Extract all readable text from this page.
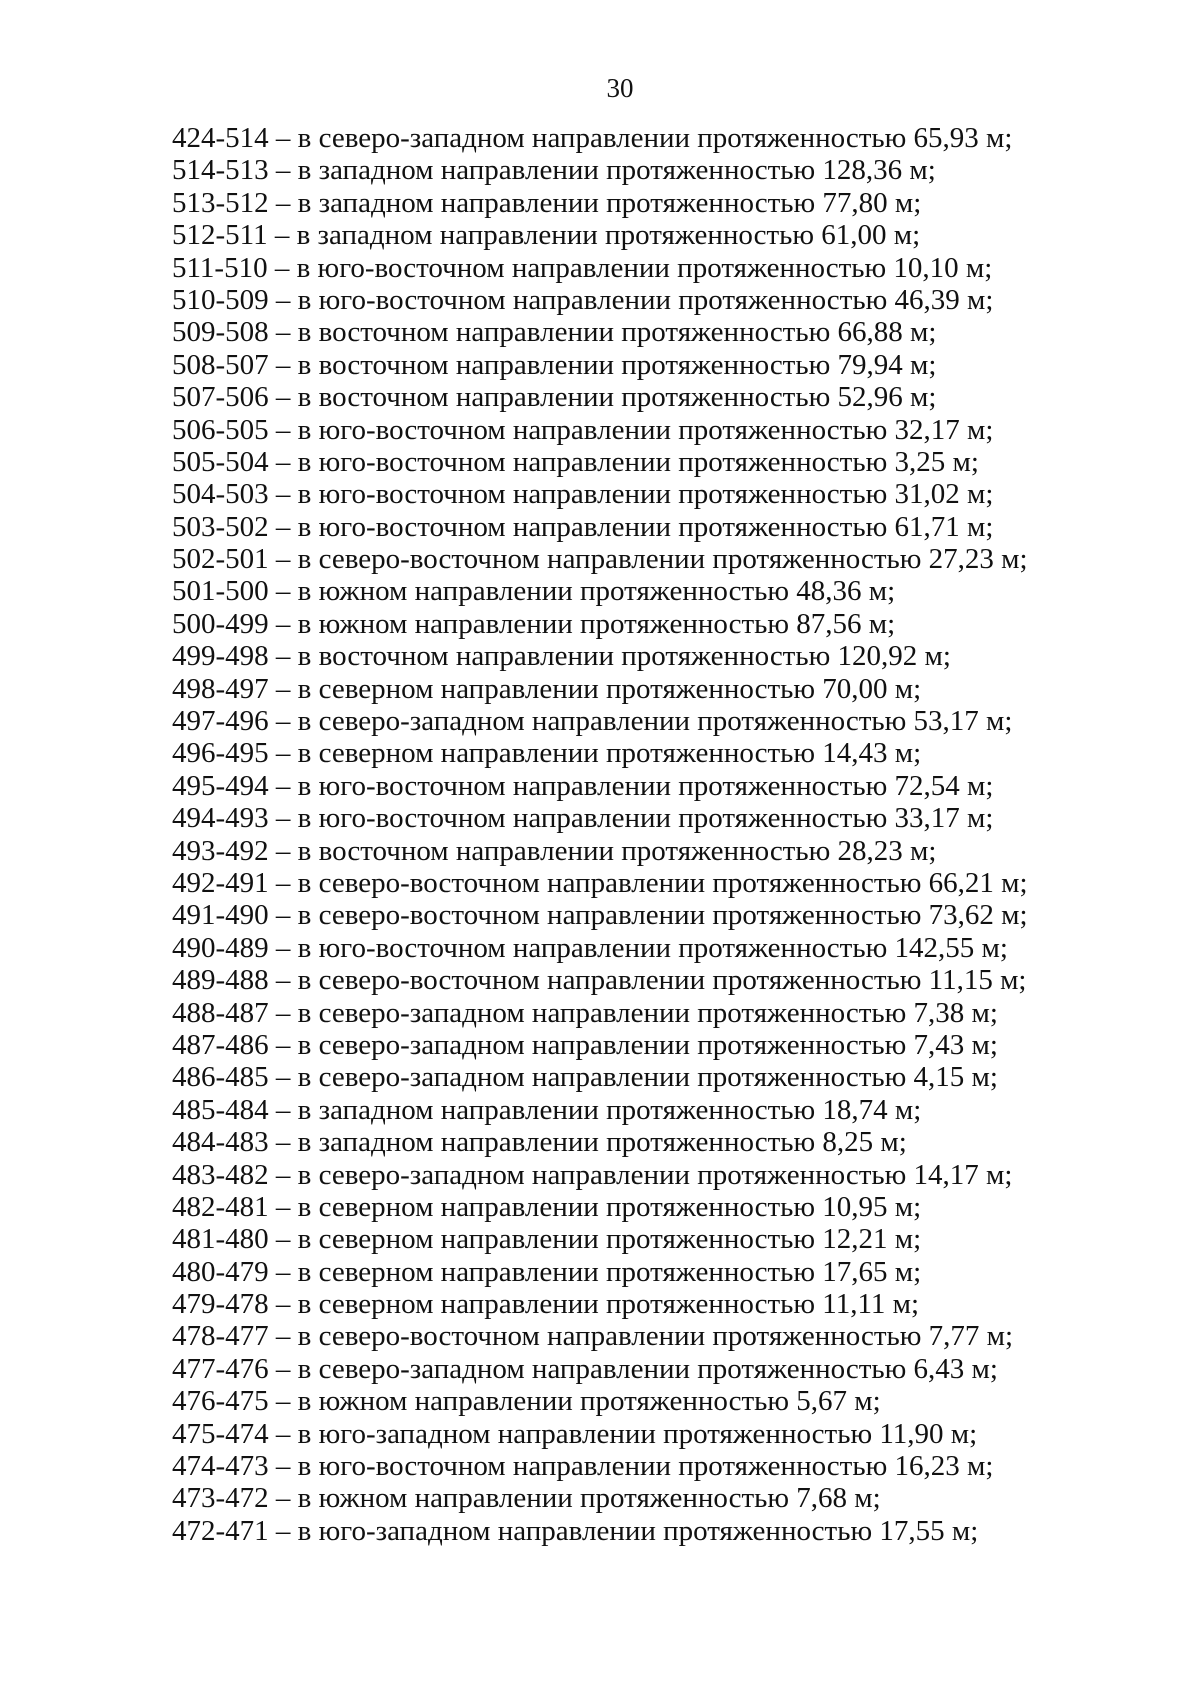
30
424-514 – в северо-западном направлении протяженностью 65,93 м;
514-513 – в западном направлении протяженностью 128,36 м;
513-512 – в западном направлении протяженностью 77,80 м;
512-511 – в западном направлении протяженностью 61,00 м;
511-510 – в юго-восточном направлении протяженностью 10,10 м;
510-509 – в юго-восточном направлении протяженностью 46,39 м;
509-508 – в восточном направлении протяженностью 66,88 м;
508-507 – в восточном направлении протяженностью 79,94 м;
507-506 – в восточном направлении протяженностью 52,96 м;
506-505 – в юго-восточном направлении протяженностью 32,17 м;
505-504 – в юго-восточном направлении протяженностью 3,25 м;
504-503 – в юго-восточном направлении протяженностью 31,02 м;
503-502 – в юго-восточном направлении протяженностью 61,71 м;
502-501 – в северо-восточном направлении протяженностью 27,23 м;
501-500 – в южном направлении протяженностью 48,36 м;
500-499 – в южном направлении протяженностью 87,56 м;
499-498 – в восточном направлении протяженностью 120,92 м;
498-497 – в северном направлении протяженностью 70,00 м;
497-496 – в северо-западном направлении протяженностью 53,17 м;
496-495 – в северном направлении протяженностью 14,43 м;
495-494 – в юго-восточном направлении протяженностью 72,54 м;
494-493 – в юго-восточном направлении протяженностью 33,17 м;
493-492 – в восточном направлении протяженностью 28,23 м;
492-491 – в северо-восточном направлении протяженностью 66,21 м;
491-490 – в северо-восточном направлении протяженностью 73,62 м;
490-489 – в юго-восточном направлении протяженностью 142,55 м;
489-488 – в северо-восточном направлении протяженностью 11,15 м;
488-487 – в северо-западном направлении протяженностью 7,38 м;
487-486 – в северо-западном направлении протяженностью 7,43 м;
486-485 – в северо-западном направлении протяженностью 4,15 м;
485-484 – в западном направлении протяженностью 18,74 м;
484-483 – в западном направлении протяженностью 8,25 м;
483-482 – в северо-западном направлении протяженностью 14,17 м;
482-481 – в северном направлении протяженностью 10,95 м;
481-480 – в северном направлении протяженностью 12,21 м;
480-479 – в северном направлении протяженностью 17,65 м;
479-478 – в северном направлении протяженностью 11,11 м;
478-477 – в северо-восточном направлении протяженностью 7,77 м;
477-476 – в северо-западном направлении протяженностью 6,43 м;
476-475 – в южном направлении протяженностью 5,67 м;
475-474 – в юго-западном направлении протяженностью 11,90 м;
474-473 – в юго-восточном направлении протяженностью 16,23 м;
473-472 – в южном направлении протяженностью 7,68 м;
472-471 – в юго-западном направлении протяженностью 17,55 м;
